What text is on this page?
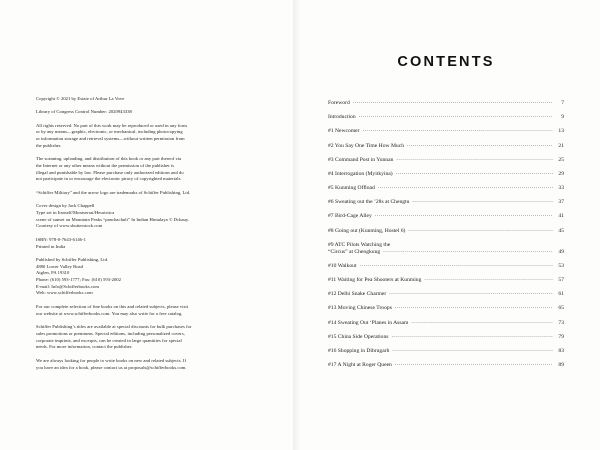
Copyright © 2021 by Estate of Arthur La Vove
Library of Congress Control Number: 2020943338
All rights reserved. No part of this work may be reproduced or used in any form
or by any means—graphic, electronic, or mechanical, including photocopying
or information storage and retrieval systems—without written permission from
the publisher.
The scanning, uploading, and distribution of this book or any part thereof via
the Internet or any other means without the permission of the publisher is
illegal and punishable by law. Please purchase only authorized editions and do
not participate in or encourage the electronic piracy of copyrighted materials.
“Schiffer Military” and the arrow logo are trademarks of Schiffer Publishing, Ltd.
Cover design by Jack Chappell
Type set in Itsnself/Montserrat/Heuristica
scene of sunset on Mountain Peaks “panchachuli” In Indian Himalaya © Dchauy.
Courtesy of www.shutterstock.com
ISBN: 978-0-7643-6146-1
Printed in India
Published by Schiffer Publishing, Ltd.
4880 Lower Valley Road
Atglen, PA 19310
Phone: (610) 593-1777; Fax: (610) 593-2002
E-mail: Info@Schifferbooks.com
Web: www.schifferbooks.com
For our complete selection of fine books on this and related subjects, please visit
our website at www.schifferbooks.com. You may also write for a free catalog.
Schiffer Publishing’s titles are available at special discounts for bulk purchases for
sales promotions or premiums. Special editions, including personalized covers,
corporate imprints, and excerpts, can be created in large quantities for special
needs. For more information, contact the publisher.
We are always looking for people to write books on new and related subjects. If
you have an idea for a book, please contact us at proposals@schifferbooks.com.
CONTENTS
Foreword .....	7
Introduction .....	9
#1 Newcomer .....	13
#2 You Say One Time How Much .....	21
#3 Command Post in Yunnan .....	25
#4 Interrogation (Myitkyina) .....	29
#5 Kunming Offload .....	33
#6 Sweating out the ’28s at Chengtu .....	37
#7 Bird-Cage Alley .....	41
#8 Going out (Kunming, Hostel 6) .....	45
#9 ATC Pilots Watching the
“Circus” at Chengkung .....	49
#10 Walkout .....	53
#11 Waiting for Pea Shooters at Kunming .....	57
#12 Delhi Snake Charmer .....	61
#13 Moving Chinese Troops .....	65
#14 Sweating Out ‘Planes in Assam .....	73
#15 China Side Operations .....	79
#16 Shopping in Dibrugarh .....	83
#17 A Night at Roger Queen .....	89
